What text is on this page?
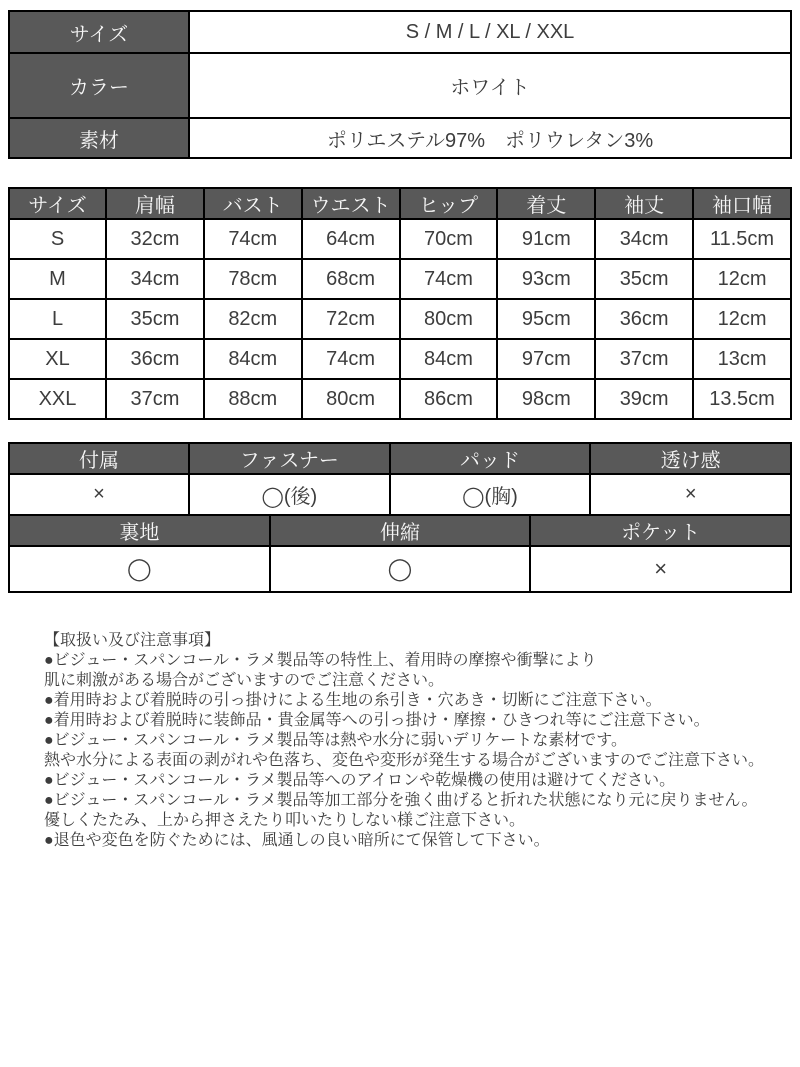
サイズ	S / M / L / XL / XXL
カラー	ホワイト
素材	ポリエステル97%　ポリウレタン3%
サイズ	肩幅	バスト	ウエスト	ヒップ	着丈	袖丈	袖口幅
S	32cm	74cm	64cm	70cm	91cm	34cm	11.5cm
M	34cm	78cm	68cm	74cm	93cm	35cm	12cm
L	35cm	82cm	72cm	80cm	95cm	36cm	12cm
XL	36cm	84cm	74cm	84cm	97cm	37cm	13cm
XXL	37cm	88cm	80cm	86cm	98cm	39cm	13.5cm
付属	ファスナー	パッド	透け感
×	◯(後)	◯(胸)	×
裏地	伸縮	ポケット
◯	◯	×
【取扱い及び注意事項】
●ビジュー・スパンコール・ラメ製品等の特性上、着用時の摩擦や衝撃により
肌に刺激がある場合がございますのでご注意ください。
●着用時および着脱時の引っ掛けによる生地の糸引き・穴あき・切断にご注意下さい。
●着用時および着脱時に装飾品・貴金属等への引っ掛け・摩擦・ひきつれ等にご注意下さい。
●ビジュー・スパンコール・ラメ製品等は熱や水分に弱いデリケートな素材です。
熱や水分による表面の剥がれや色落ち、変色や変形が発生する場合がございますのでご注意下さい。
●ビジュー・スパンコール・ラメ製品等へのアイロンや乾燥機の使用は避けてください。
●ビジュー・スパンコール・ラメ製品等加工部分を強く曲げると折れた状態になり元に戻りません。
優しくたたみ、上から押さえたり叩いたりしない様ご注意下さい。
●退色や変色を防ぐためには、風通しの良い暗所にて保管して下さい。
